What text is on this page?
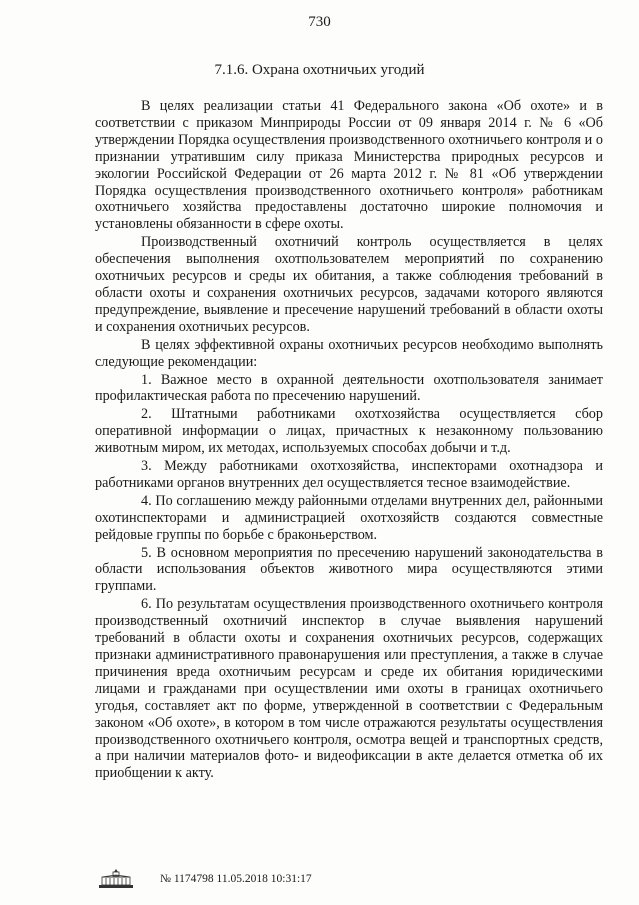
730
7.1.6. Охрана охотничьих угодий

В целях реализации статьи 41 Федерального закона «Об охоте» и в соответствии с приказом Минприроды России от 09 января 2014 г. № 6 «Об утверждении Порядка осуществления производственного охотничьего контроля и о признании утратившим силу приказа Министерства природных ресурсов и экологии Российской Федерации от 26 марта 2012 г. № 81 «Об утверждении Порядка осуществления производственного охотничьего контроля» работникам охотничьего хозяйства предоставлены достаточно широкие полномочия и установлены обязанности в сфере охоты.

Производственный охотничий контроль осуществляется в целях обеспечения выполнения охотпользователем мероприятий по сохранению охотничьих ресурсов и среды их обитания, а также соблюдения требований в области охоты и сохранения охотничьих ресурсов, задачами которого являются предупреждение, выявление и пресечение нарушений требований в области охоты и сохранения охотничьих ресурсов.

В целях эффективной охраны охотничьих ресурсов необходимо выполнять следующие рекомендации:

1. Важное место в охранной деятельности охотпользователя занимает профилактическая работа по пресечению нарушений.

2. Штатными работниками охотхозяйства осуществляется сбор оперативной информации о лицах, причастных к незаконному пользованию животным миром, их методах, используемых способах добычи и т.д.

3. Между работниками охотхозяйства, инспекторами охотнадзора и работниками органов внутренних дел осуществляется тесное взаимодействие.

4. По соглашению между районными отделами внутренних дел, районными охотинспекторами и администрацией охотхозяйств создаются совместные рейдовые группы по борьбе с браконьерством.

5. В основном мероприятия по пресечению нарушений законодательства в области использования объектов животного мира осуществляются этими группами.

6. По результатам осуществления производственного охотничьего контроля производственный охотничий инспектор в случае выявления нарушений требований в области охоты и сохранения охотничьих ресурсов, содержащих признаки административного правонарушения или преступления, а также в случае причинения вреда охотничьим ресурсам и среде их обитания юридическими лицами и гражданами при осуществлении ими охоты в границах охотничьего угодья, составляет акт по форме, утвержденной в соответствии с Федеральным законом «Об охоте», в котором в том числе отражаются результаты осуществления производственного охотничьего контроля, осмотра вещей и транспортных средств, а при наличии материалов фото- и видеофиксации в акте делается отметка об их приобщении к акту.

№ 1174798 11.05.2018 10:31:17
